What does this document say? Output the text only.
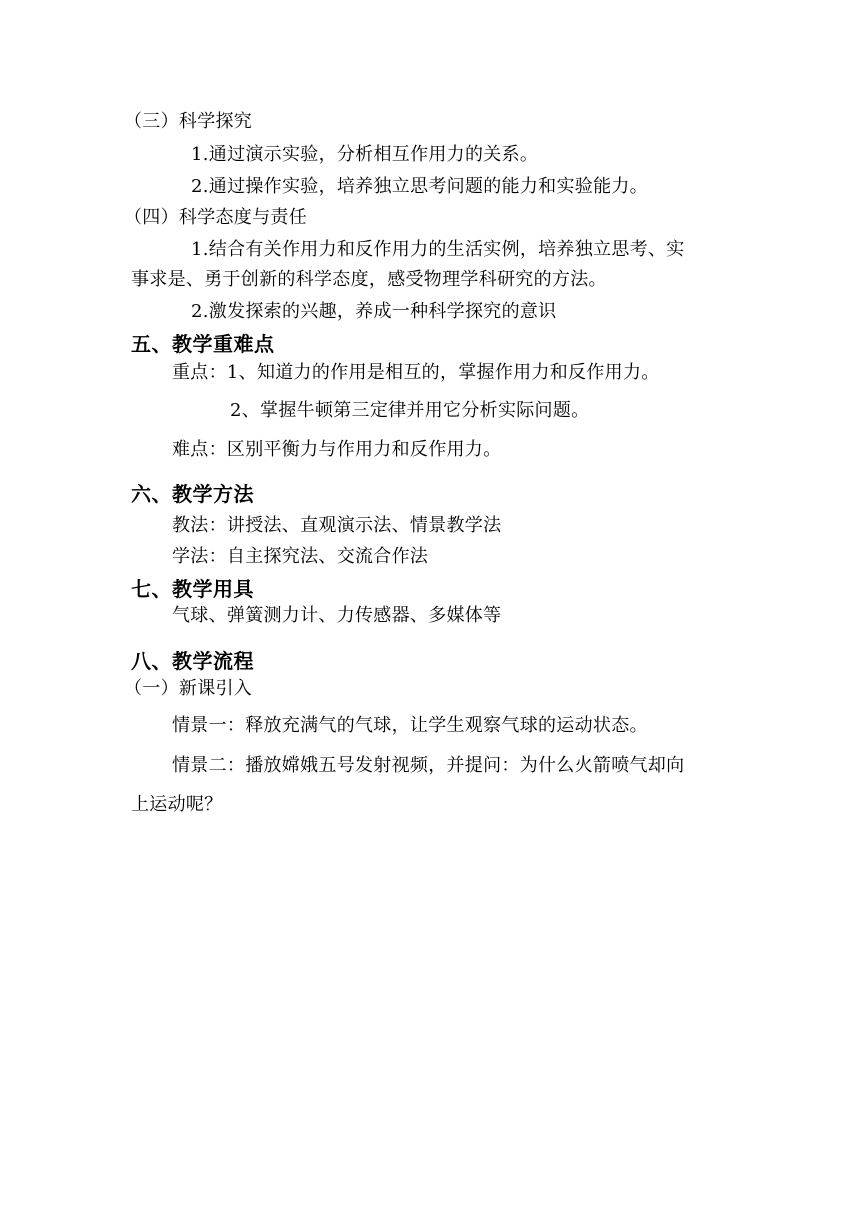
（三）科学探究
1.通过演示实验，分析相互作用力的关系。
2.通过操作实验，培养独立思考问题的能力和实验能力。
（四）科学态度与责任
1.结合有关作用力和反作用力的生活实例，培养独立思考、实
事求是、勇于创新的科学态度，感受物理学科研究的方法。
2.激发探索的兴趣，养成一种科学探究的意识
五、教学重难点
重点：1、知道力的作用是相互的，掌握作用力和反作用力。
2、掌握牛顿第三定律并用它分析实际问题。
难点：区别平衡力与作用力和反作用力。
六、教学方法
教法：讲授法、直观演示法、情景教学法
学法：自主探究法、交流合作法
七、教学用具
气球、弹簧测力计、力传感器、多媒体等
八、教学流程
（一）新课引入
情景一：释放充满气的气球，让学生观察气球的运动状态。
情景二：播放嫦娥五号发射视频，并提问：为什么火箭喷气却向
上运动呢？
